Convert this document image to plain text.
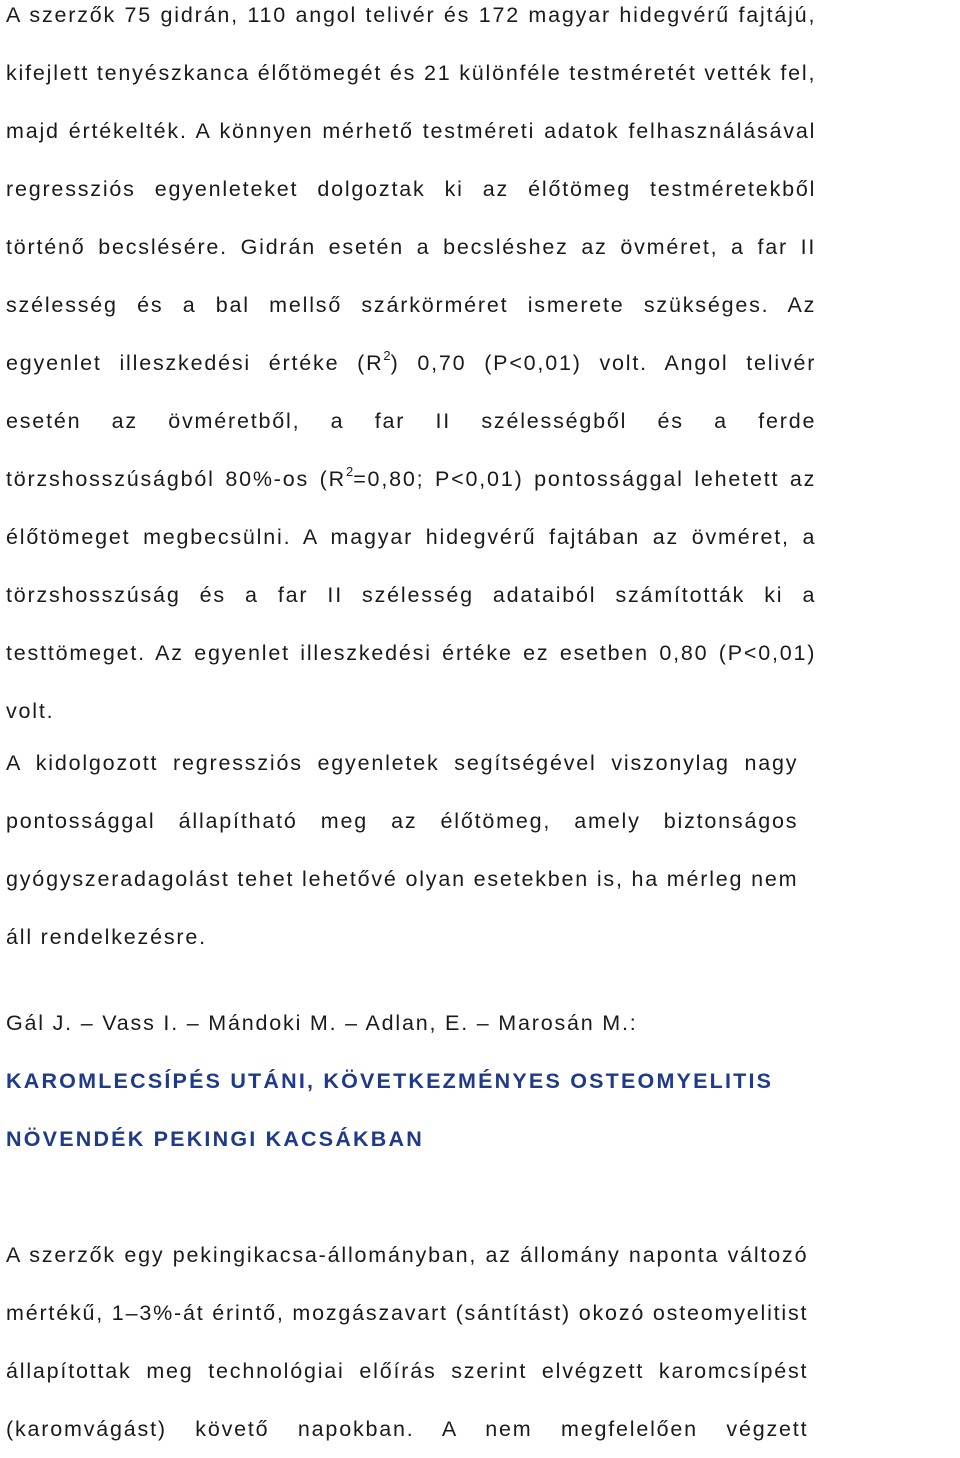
A szerzők 75 gidrán, 110 angol telivér és 172 magyar hidegvérű fajtájú,
kifejlett tenyészkanca élőtömegét és 21 különféle testméretét vették fel,
majd értékelték. A könnyen mérhető testméreti adatok felhasználásával
regressziós egyenleteket dolgoztak ki az élőtömeg testméretekből
történő becslésére. Gidrán esetén a becsléshez az övméret, a far II
szélesség és a bal mellső szárkörméret ismerete szükséges. Az
egyenlet illeszkedési értéke $(R^2)$ 0,70 (P<0,01) volt. Angol telivér
esetén az övméretből, a far II szélességből és a ferde
törzshosszúságból 80%-os ($R^2=0,80$; P<0,01) pontossággal lehetett az
élőtömeget megbecsülni. A magyar hidegvérű fajtában az övméret, a
törzshosszúság és a far II szélesség adataiból számították ki a
testtömeget. Az egyenlet illeszkedési értéke ez esetben 0,80 (P<0,01)
volt.
A kidolgozott regressziós egyenletek segítségével viszonylag nagy
pontossággal állapítható meg az élőtömeg, amely biztonságos
gyógyszeradagolást tehet lehetővé olyan esetekben is, ha mérleg nem
áll rendelkezésre.
Gál J. – Vass I. – Mándoki M. – Adlan, E. – Marosán M.:
KAROMLECSÍPÉS UTÁNI, KÖVETKEZMÉNYES OSTEOMYELITIS
NÖVENDÉK PEKINGI KACSÁKBAN
A szerzők egy pekingikacsa-állományban, az állomány naponta változó
mértékű, 1–3%-át érintő, mozgászavart (sántítást) okozó osteomyelitist
állapítottak meg technológiai előírás szerint elvégzett karomcsípést
(karomvágást) követő napokban. A nem megfelelően végzett
